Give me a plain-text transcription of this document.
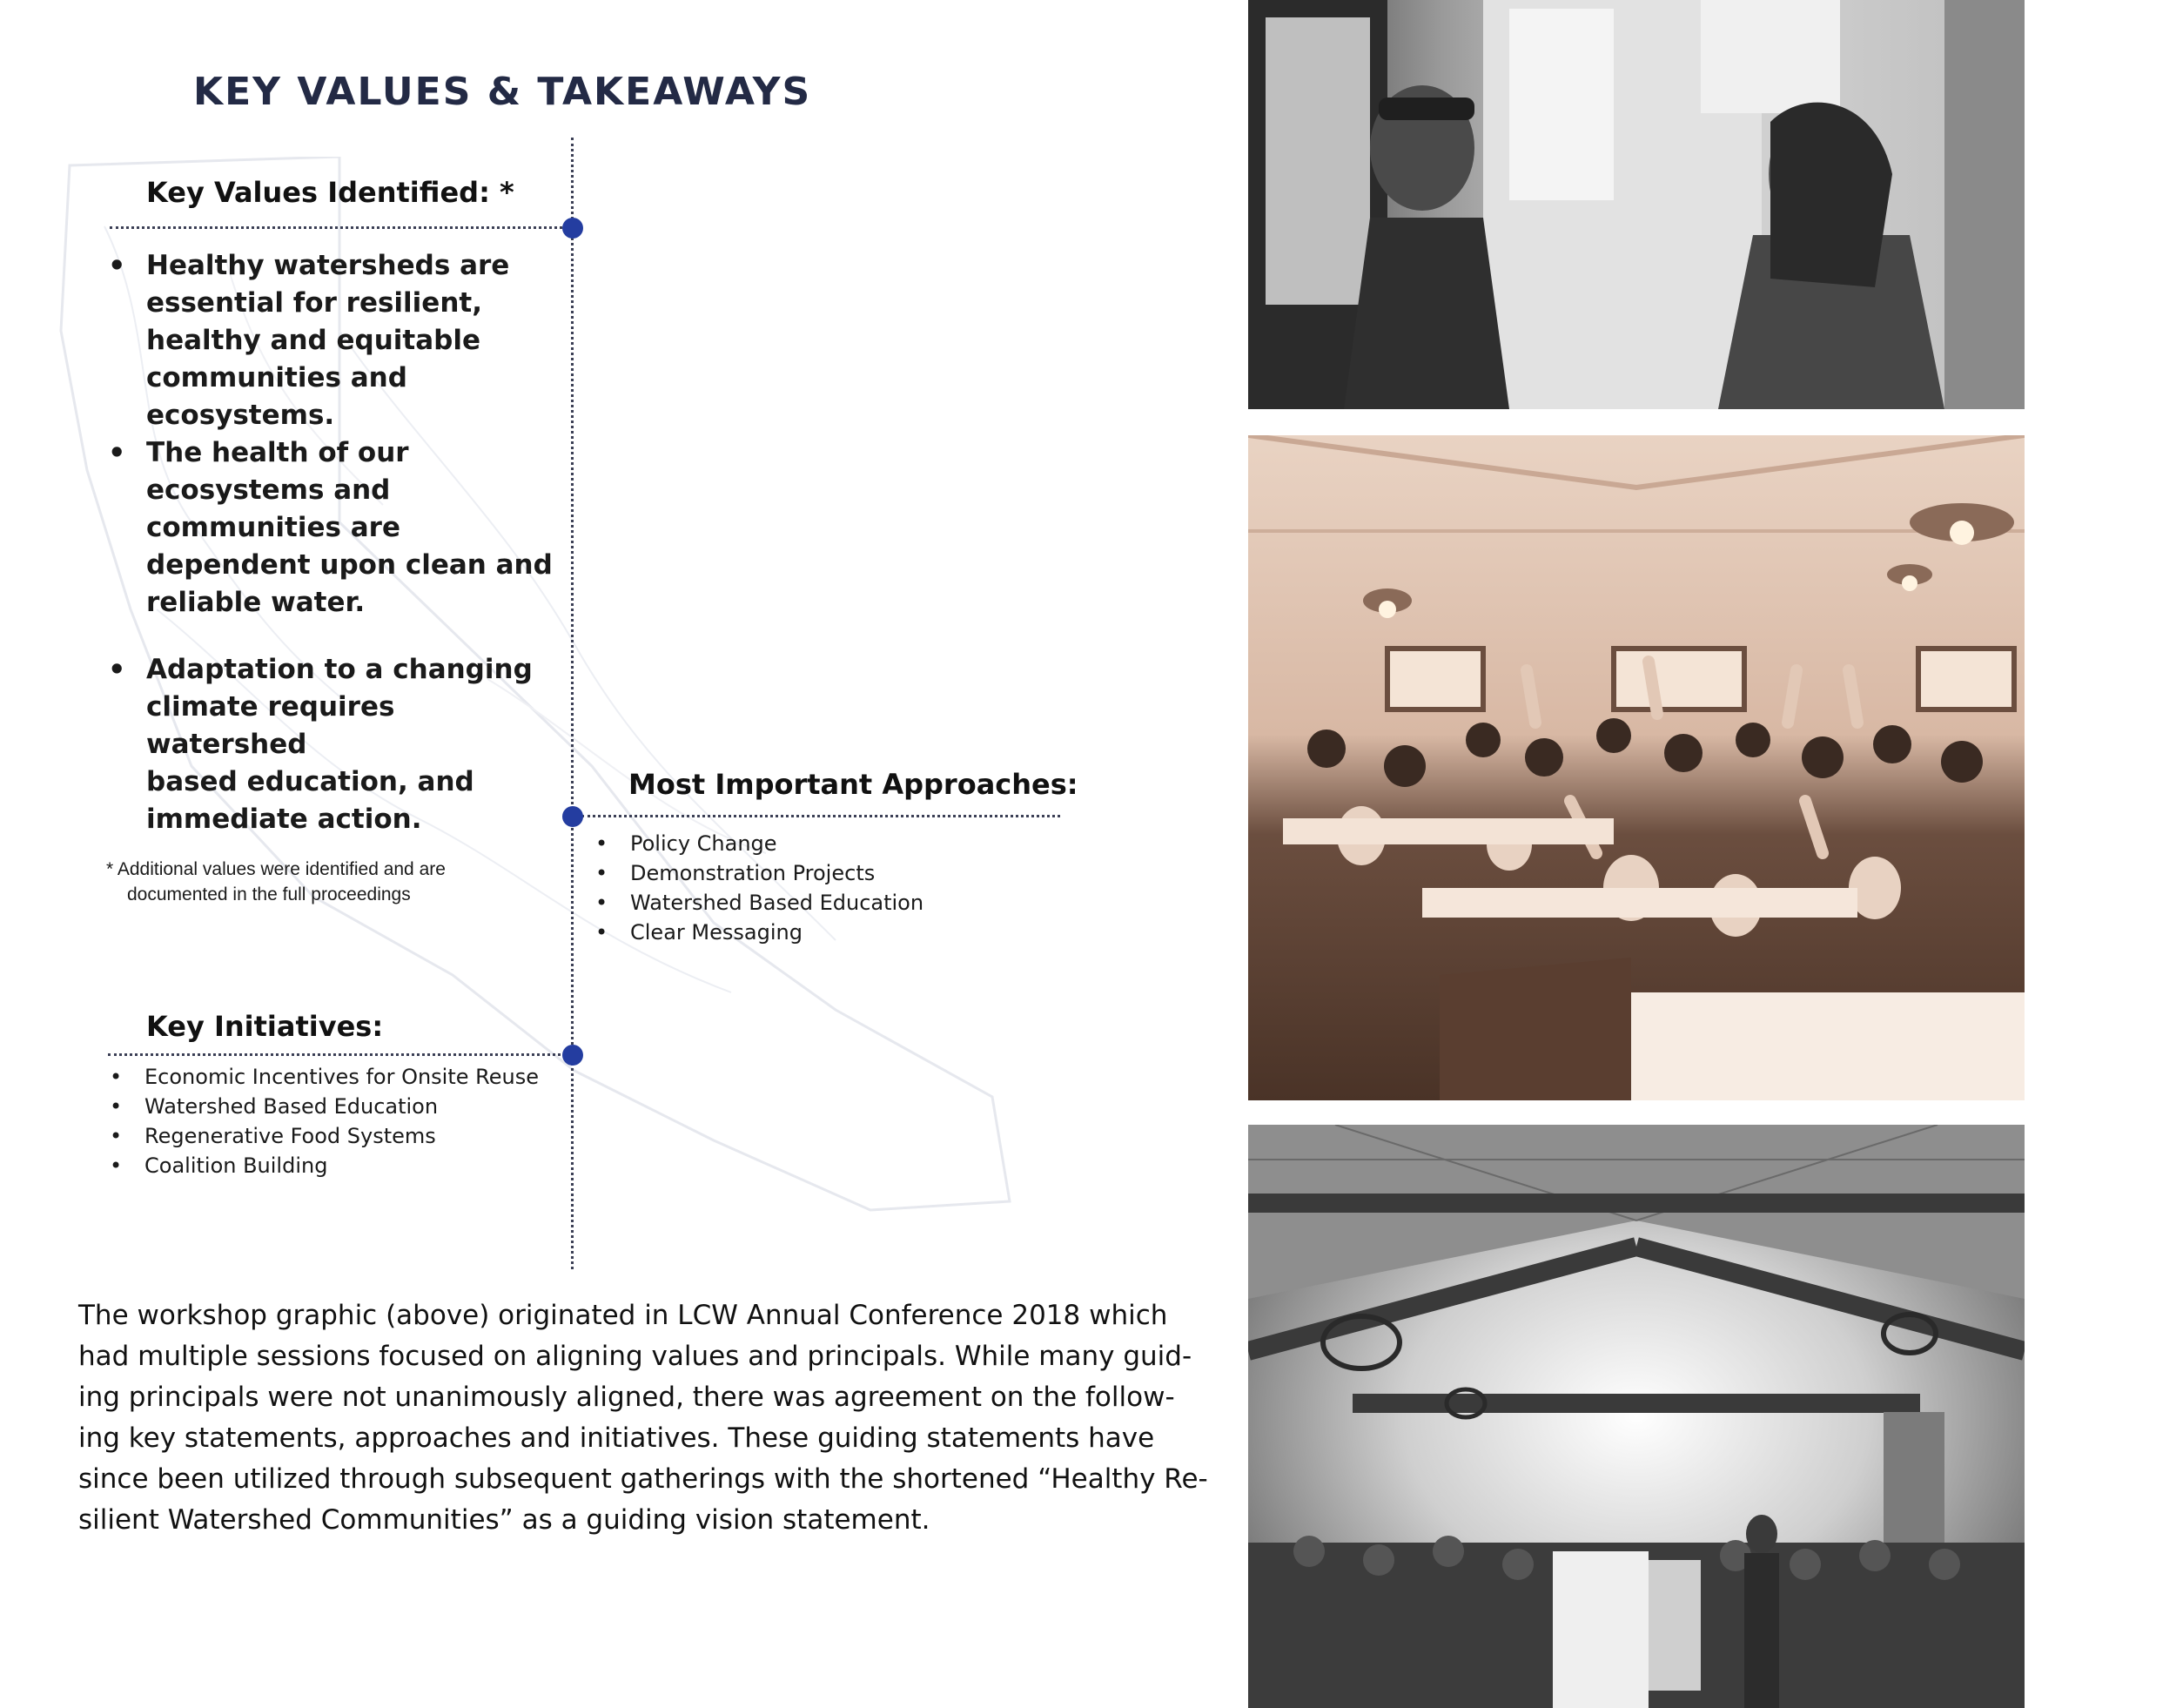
KEY VALUES & TAKEAWAYS
Key Values Identified: *
• Healthy watersheds are
essential for resilient,
healthy and equitable
communities and
ecosystems.
• The health of our
ecosystems and
communities are
dependent upon clean and
reliable water.
• Adaptation to a changing
climate requires watershed
based education, and
immediate action.
* Additional values were identified and are
documented in the full proceedings
Most Important Approaches:
• Policy Change
• Demonstration Projects
• Watershed Based Education
• Clear Messaging
Key Initiatives:
• Economic Incentives for Onsite Reuse
• Watershed Based Education
• Regenerative Food Systems
• Coalition Building
The workshop graphic (above) originated in LCW Annual Conference 2018 which
had multiple sessions focused on aligning values and principals. While many guid-
ing principals were not unanimously aligned, there was agreement on the follow-
ing key statements, approaches and initiatives. These guiding statements have
since been utilized through subsequent gatherings with the shortened “Healthy Re-
silient Watershed Communities” as a guiding vision statement.
